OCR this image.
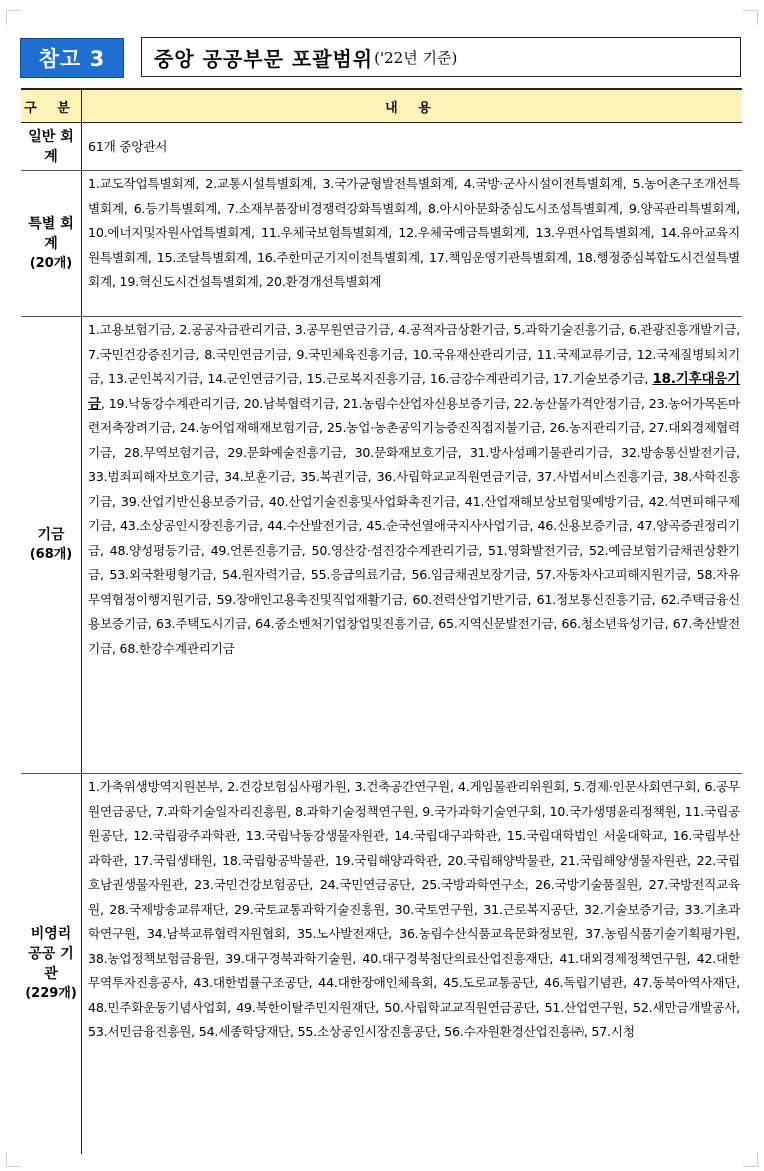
참고 3	중앙 공공부문 포괄범위 ('22년 기준)
구 분	내 용
일반 회계	61개 중앙관서
특별 회계
(20개)	1.교도작업특별회계, 2.교통시설특별회계, 3.국가균형발전특별회계, 4.국방·군사시설이전특별회계, 5.농어촌구조개선특별회계, 6.등기특별회계, 7.소재부품장비경쟁력강화특별회계, 8.아시아문화중심도시조성특별회계, 9.양곡관리특별회계, 10.에너지및자원사업특별회계, 11.우체국보험특별회계, 12.우체국예금특별회계, 13.우편사업특별회계, 14.유아교육지원특별회계, 15.조달특별회계, 16.주한미군기지이전특별회계, 17.책임운영기관특별회계, 18.행정중심복합도시건설특별회계, 19.혁신도시건설특별회계, 20.환경개선특별회계
기금
(68개)	1.고용보험기금, 2.공공자금관리기금, 3.공무원연금기금, 4.공적자금상환기금, 5.과학기술진흥기금, 6.관광진흥개발기금, 7.국민건강증진기금, 8.국민연금기금, 9.국민체육진흥기금, 10.국유재산관리기금, 11.국제교류기금, 12.국제질병퇴치기금, 13.군인복지기금, 14.군인연금기금, 15.근로복지진흥기금, 16.금강수계관리기금, 17.기술보증기금, 18.기후대응기금, 19.낙동강수계관리기금, 20.남북협력기금, 21.농림수산업자신용보증기금, 22.농산물가격안정기금, 23.농어가목돈마련저축장려기금, 24.농어업재해재보험기금, 25.농업·농촌공익기능증진직접지불기금, 26.농지관리기금, 27.대외경제협력기금, 28.무역보험기금, 29.문화예술진흥기금, 30.문화재보호기금, 31.방사성폐기물관리기금, 32.방송통신발전기금, 33.범죄피해자보호기금, 34.보훈기금, 35.복권기금, 36.사립학교교직원연금기금, 37.사법서비스진흥기금, 38.사학진흥기금, 39.산업기반신용보증기금, 40.산업기술진흥및사업화촉진기금, 41.산업재해보상보험및예방기금, 42.석면피해구제기금, 43.소상공인시장진흥기금, 44.수산발전기금, 45.순국선열애국지사사업기금, 46.신용보증기금, 47.양곡증권정리기금, 48.양성평등기금, 49.언론진흥기금, 50.영산강·섬진강수계관리기금, 51.영화발전기금, 52.예금보험기금채권상환기금, 53.외국환평형기금, 54.원자력기금, 55.응급의료기금, 56.임금채권보장기금, 57.자동차사고피해지원기금, 58.자유무역협정이행지원기금, 59.장애인고용촉진및직업재활기금, 60.전력산업기반기금, 61.정보통신진흥기금, 62.주택금융신용보증기금, 63.주택도시기금, 64.중소벤처기업창업및진흥기금, 65.지역신문발전기금, 66.청소년육성기금, 67.축산발전기금, 68.한강수계관리기금
비영리 공공 기관
(229개)	1.가축위생방역지원본부, 2.건강보험심사평가원, 3.건축공간연구원, 4.게임물관리위원회, 5.경제·인문사회연구회, 6.공무원연금공단, 7.과학기술일자리진흥원, 8.과학기술정책연구원, 9.국가과학기술연구회, 10.국가생명윤리정책원, 11.국립공원공단, 12.국립광주과학관, 13.국립낙동강생물자원관, 14.국립대구과학관, 15.국립대학법인 서울대학교, 16.국립부산과학관, 17.국립생태원, 18.국립항공박물관, 19.국립해양과학관, 20.국립해양박물관, 21.국립해양생물자원관, 22.국립호남권생물자원관, 23.국민건강보험공단, 24.국민연금공단, 25.국방과학연구소, 26.국방기술품질원, 27.국방전직교육원, 28.국제방송교류재단, 29.국토교통과학기술진흥원, 30.국토연구원, 31.근로복지공단, 32.기술보증기금, 33.기초과학연구원, 34.남북교류협력지원협회, 35.노사발전재단, 36.농림수산식품교육문화정보원, 37.농림식품기술기획평가원, 38.농업정책보험금융원, 39.대구경북과학기술원, 40.대구경북첨단의료산업진흥재단, 41.대외경제정책연구원, 42.대한무역투자진흥공사, 43.대한법률구조공단, 44.대한장애인체육회, 45.도로교통공단, 46.독립기념관, 47.동북아역사재단, 48.민주화운동기념사업회, 49.북한이탈주민지원재단, 50.사립학교교직원연금공단, 51.산업연구원, 52.새만금개발공사, 53.서민금융진흥원, 54.세종학당재단, 55.소상공인시장진흥공단, 56.수자원환경산업진흥㈜, 57.시청
